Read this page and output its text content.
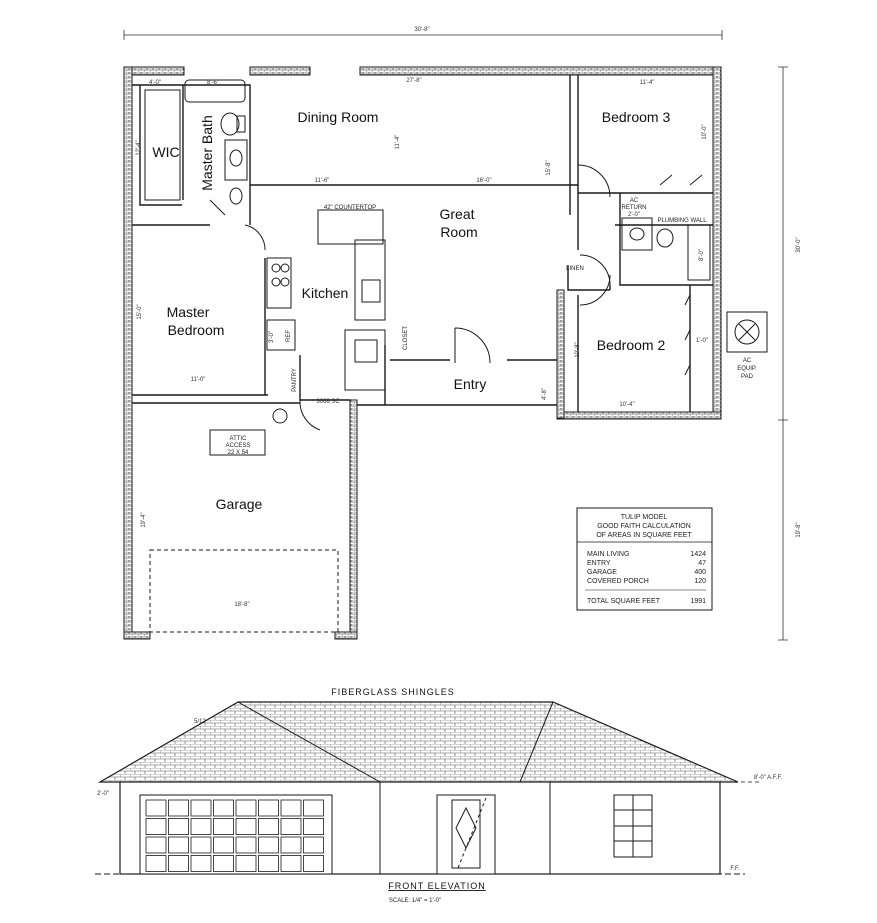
Dining Room	Bedroom 3
WIC Master Bath
Great
Room
Kitchen
Master
Bedroom
Bedroom 2
Entry
Garage
30'-8"
4'-0"	8'-6"	27'-8"	11'-4"
11'-6"	16'-0"
11'-4"
15'-8"
10'-0"
30'-0"
11'-0"
15'-0"
10'-8"
10'-4"
4'-8"
2'-0"
8'-0"
19'-4"
18'-8"
19'-8"
1'-0"
12'-4"
3'-0"
3068 SC
42" COUNTERTOP
ATTIC
ACCESS
22 X 54
AC
RETURN
PLUMBING WALL
LINEN
CLOSET
REF
PANTRY
AC
EQUIP.
PAD
TULIP MODEL
GOOD FAITH CALCULATION
OF AREAS IN SQUARE FEET
MAIN LIVING	1424
ENTRY	47
GARAGE	400
COVERED PORCH	120
TOTAL SQUARE FEET	1991
FIBERGLASS SHINGLES
FRONT ELEVATION
SCALE: 1/4" = 1'-0"
5/12
2'-0"
8'-0" A.F.F.
F.F.
